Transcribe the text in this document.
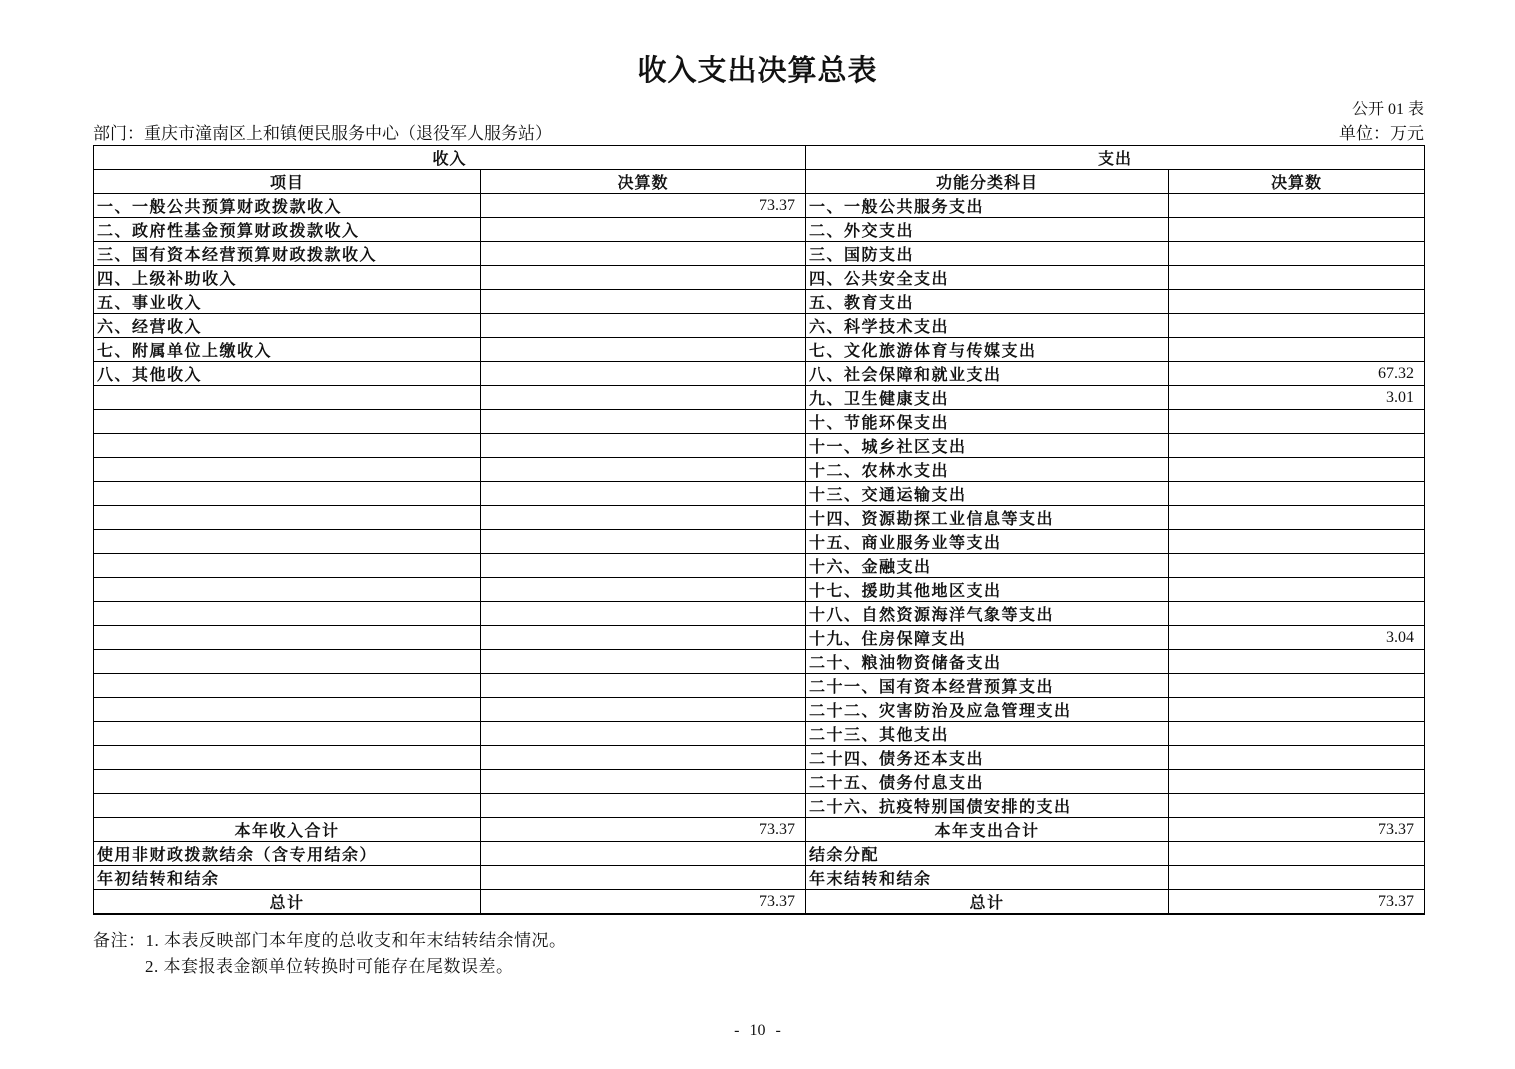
收入支出决算总表
公开 01 表
部门：重庆市潼南区上和镇便民服务中心（退役军人服务站）	单位：万元
收入		支出	
项目	决算数	功能分类科目	决算数
一、一般公共预算财政拨款收入	73.37	一、一般公共服务支出	
二、政府性基金预算财政拨款收入		二、外交支出	
三、国有资本经营预算财政拨款收入		三、国防支出	
四、上级补助收入		四、公共安全支出	
五、事业收入		五、教育支出	
六、经营收入		六、科学技术支出	
七、附属单位上缴收入		七、文化旅游体育与传媒支出	
八、其他收入		八、社会保障和就业支出	67.32
		九、卫生健康支出	3.01
		十、节能环保支出	
		十一、城乡社区支出	
		十二、农林水支出	
		十三、交通运输支出	
		十四、资源勘探工业信息等支出	
		十五、商业服务业等支出	
		十六、金融支出	
		十七、援助其他地区支出	
		十八、自然资源海洋气象等支出	
		十九、住房保障支出	3.04
		二十、粮油物资储备支出	
		二十一、国有资本经营预算支出	
		二十二、灾害防治及应急管理支出	
		二十三、其他支出	
		二十四、债务还本支出	
		二十五、债务付息支出	
		二十六、抗疫特别国债安排的支出	
本年收入合计	73.37	本年支出合计	73.37
使用非财政拨款结余（含专用结余）		结余分配	
年初结转和结余		年末结转和结余	
总计	73.37	总计	73.37
备注：1. 本表反映部门本年度的总收支和年末结转结余情况。
2. 本套报表金额单位转换时可能存在尾数误差。
- 10 -
